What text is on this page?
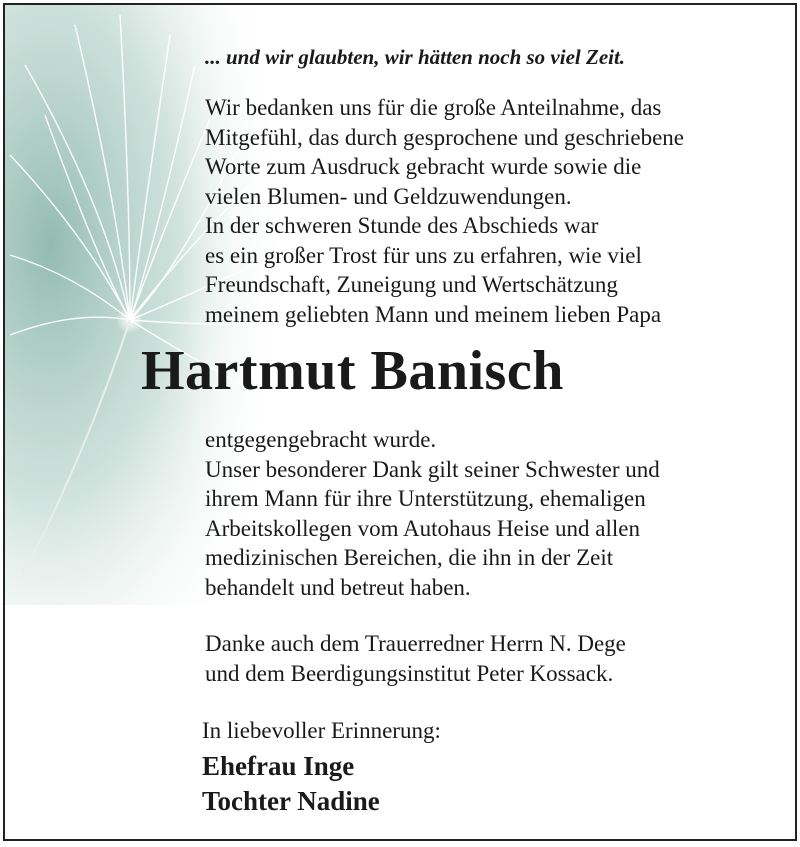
... und wir glaubten, wir hätten noch so viel Zeit.

Wir bedanken uns für die große Anteilnahme, das
Mitgefühl, das durch gesprochene und geschriebene
Worte zum Ausdruck gebracht wurde sowie die
vielen Blumen- und Geldzuwendungen.
In der schweren Stunde des Abschieds war
es ein großer Trost für uns zu erfahren, wie viel
Freundschaft, Zuneigung und Wertschätzung
meinem geliebten Mann und meinem lieben Papa

Hartmut Banisch

entgegengebracht wurde.
Unser besonderer Dank gilt seiner Schwester und
ihrem Mann für ihre Unterstützung, ehemaligen
Arbeitskollegen vom Autohaus Heise und allen
medizinischen Bereichen, die ihn in der Zeit
behandelt und betreut haben.

Danke auch dem Trauerredner Herrn N. Dege
und dem Beerdigungsinstitut Peter Kossack.

In liebevoller Erinnerung:

Ehefrau Inge

Tochter Nadine
